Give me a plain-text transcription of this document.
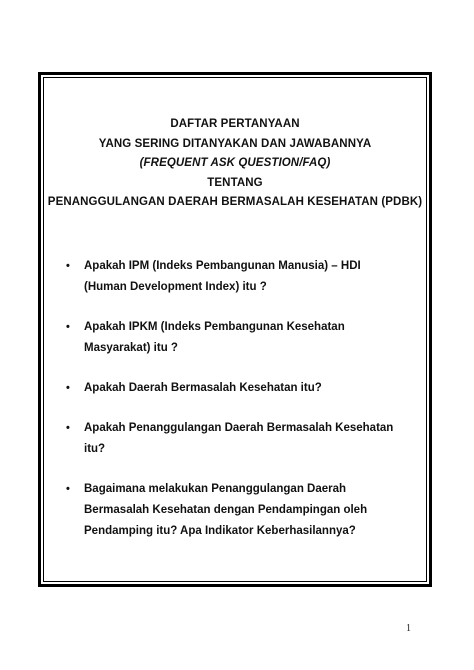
DAFTAR PERTANYAAN
YANG SERING DITANYAKAN DAN JAWABANNYA
(FREQUENT ASK QUESTION/FAQ)
TENTANG
PENANGGULANGAN DAERAH BERMASALAH KESEHATAN (PDBK)
• Apakah IPM (Indeks Pembangunan Manusia) – HDI
(Human Development Index) itu ?
• Apakah IPKM (Indeks Pembangunan Kesehatan
Masyarakat) itu ?
• Apakah Daerah Bermasalah Kesehatan itu?
• Apakah Penanggulangan Daerah Bermasalah Kesehatan
itu?
• Bagaimana melakukan Penanggulangan Daerah
Bermasalah Kesehatan dengan Pendampingan oleh
Pendamping itu? Apa Indikator Keberhasilannya?
1
